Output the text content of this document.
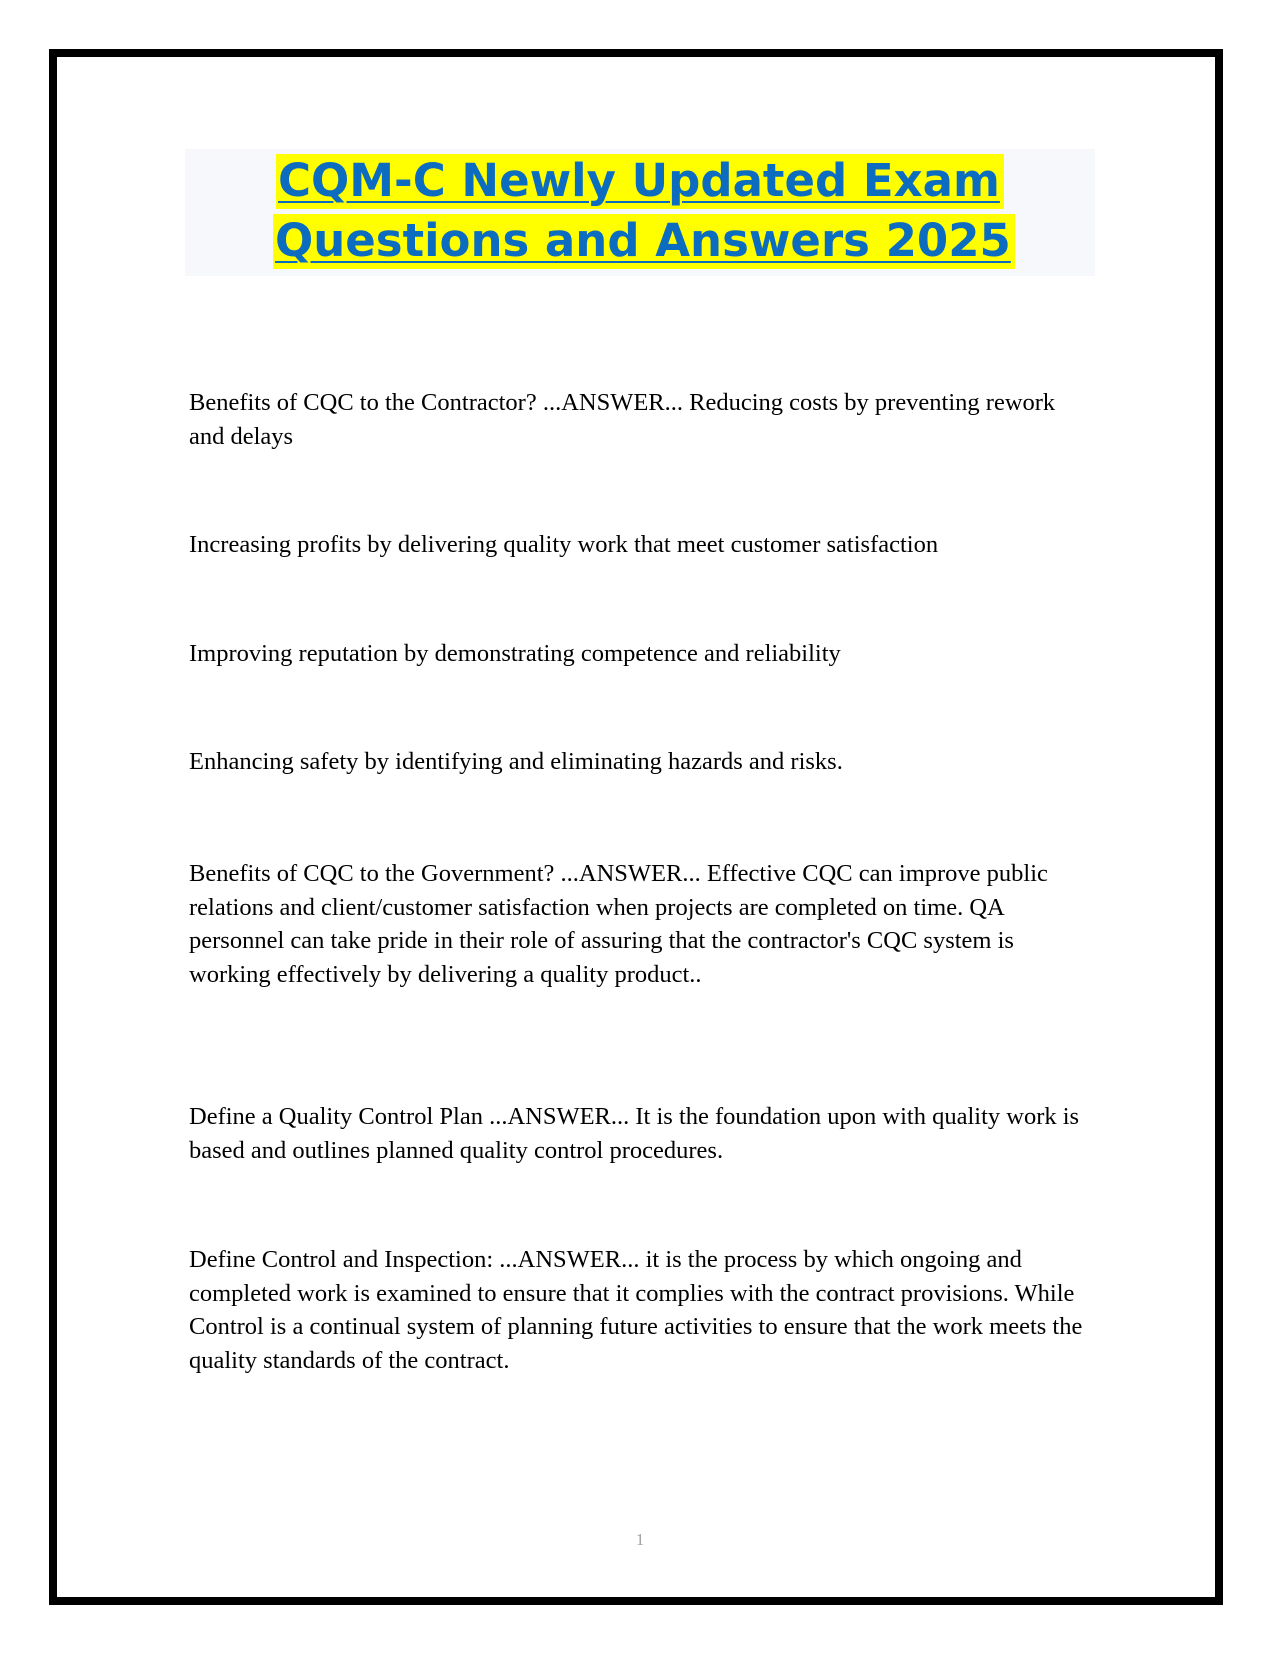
CQM-C Newly Updated Exam
Questions and Answers 2025

Benefits of CQC to the Contractor? ...ANSWER... Reducing costs by preventing rework and delays

Increasing profits by delivering quality work that meet customer satisfaction

Improving reputation by demonstrating competence and reliability

Enhancing safety by identifying and eliminating hazards and risks.

Benefits of CQC to the Government? ...ANSWER... Effective CQC can improve public relations and client/customer satisfaction when projects are completed on time. QA personnel can take pride in their role of assuring that the contractor's CQC system is working effectively by delivering a quality product..

Define a Quality Control Plan ...ANSWER... It is the foundation upon with quality work is based and outlines planned quality control procedures.

Define Control and Inspection: ...ANSWER... it is the process by which ongoing and completed work is examined to ensure that it complies with the contract provisions. While Control is a continual system of planning future activities to ensure that the work meets the quality standards of the contract.

1
